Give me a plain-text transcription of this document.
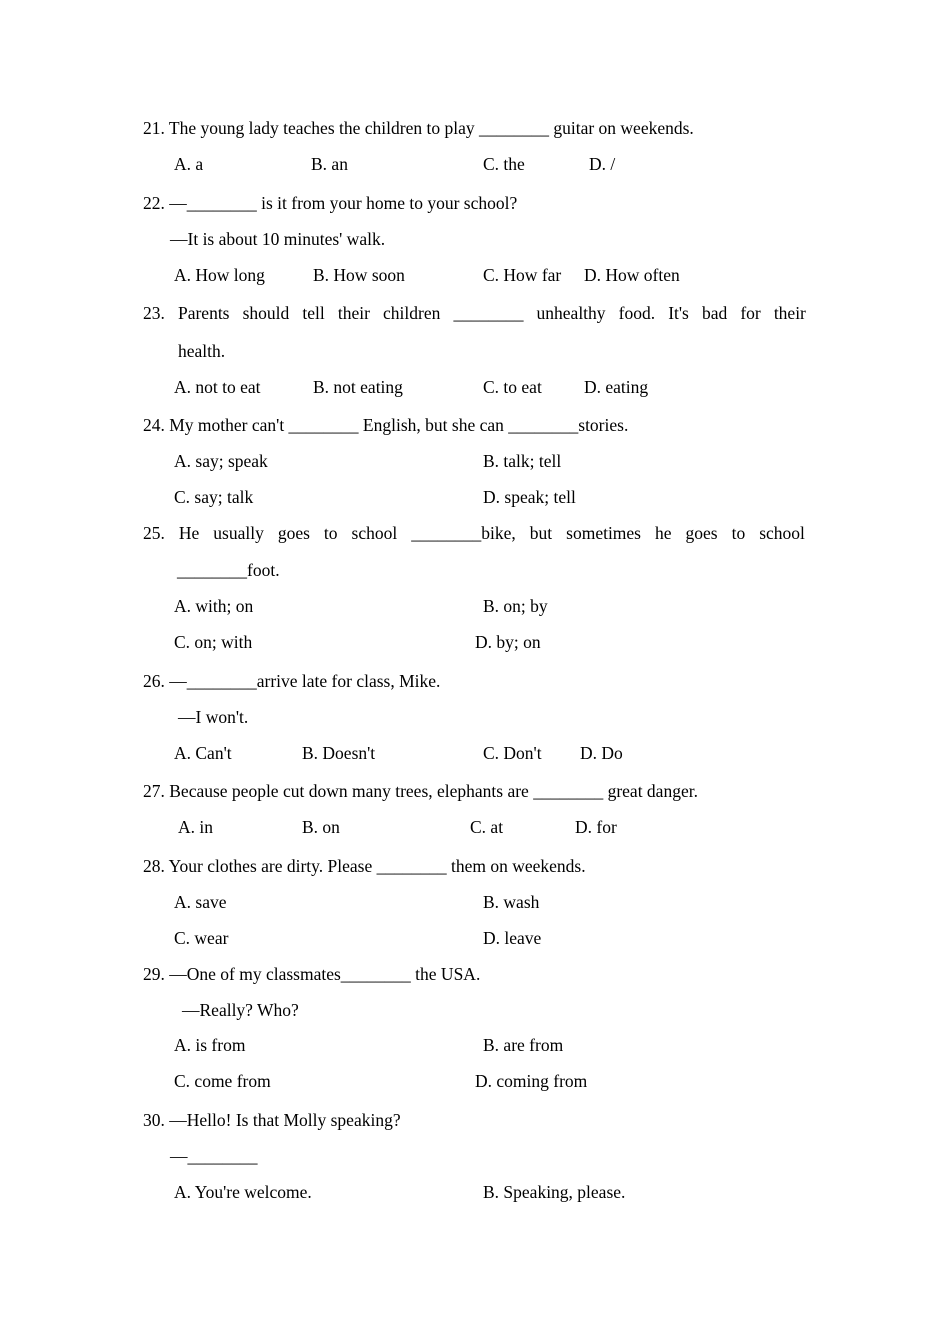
21. The young lady teaches the children to play ________ guitar on weekends.
A. a	B. an	C. the	D. /
22. —________ is it from your home to your school?
—It is about 10 minutes' walk.
A. How long	B. How soon	C. How far D. How often
23. Parents should tell their children ________ unhealthy food. It's bad for their
health.
A. not to eat	B. not eating	C. to eat D. eating
24. My mother can't ________ English, but she can ________stories.
A. say; speak	B. talk; tell
C. say; talk	D. speak; tell
25. He usually goes to school ________bike, but sometimes he goes to school
________foot.
A. with; on	B. on; by
C. on; with	D. by; on
26. —________arrive late for class, Mike.
—I won't.
A. Can't	B. Doesn't	C. Don't D. Do
27. Because people cut down many trees, elephants are ________ great danger.
A. in	B. on	C. at	D. for
28. Your clothes are dirty. Please ________ them on weekends.
A. save	B. wash
C. wear	D. leave
29. —One of my classmates________ the USA.
—Really? Who?
A. is from	B. are from
C. come from	D. coming from
30. —Hello! Is that Molly speaking?
—________
A. You're welcome.	B. Speaking, please.
